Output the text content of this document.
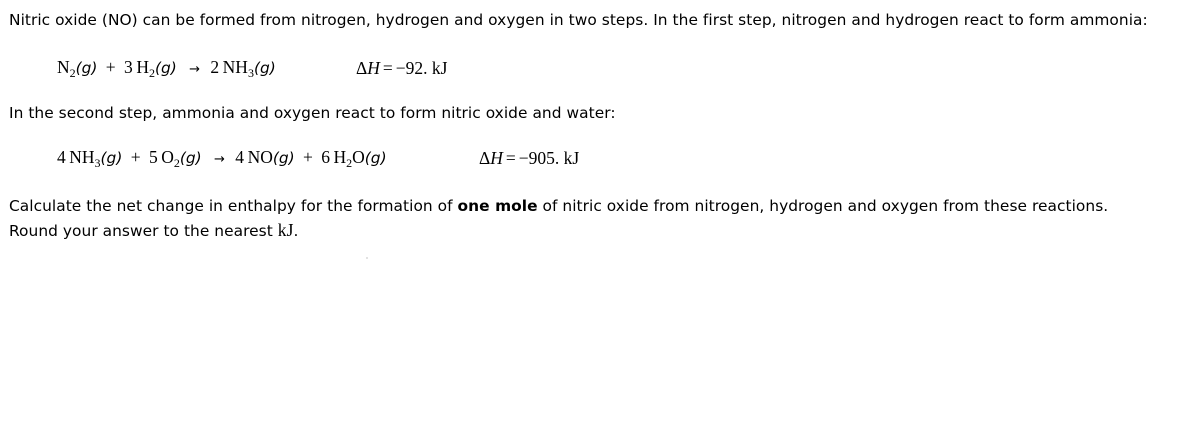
Nitric oxide (NO) can be formed from nitrogen, hydrogen and oxygen in two steps. In the first step, nitrogen and hydrogen react to form ammonia:
$N_2(g) + 3$  $H_2(g) \to 2$  $NH_3(g)$	ΔH = −92. kJ
In the second step, ammonia and oxygen react to form nitric oxide and water:
4  $NH_3(g) + 5$  $O_2(g) \to 4$  NO(g) + 6  $H_2O(g)$	ΔH = −905. kJ
Calculate the net change in enthalpy for the formation of one mole of nitric oxide from nitrogen, hydrogen and oxygen from these reactions.
Round your answer to the nearest kJ.
